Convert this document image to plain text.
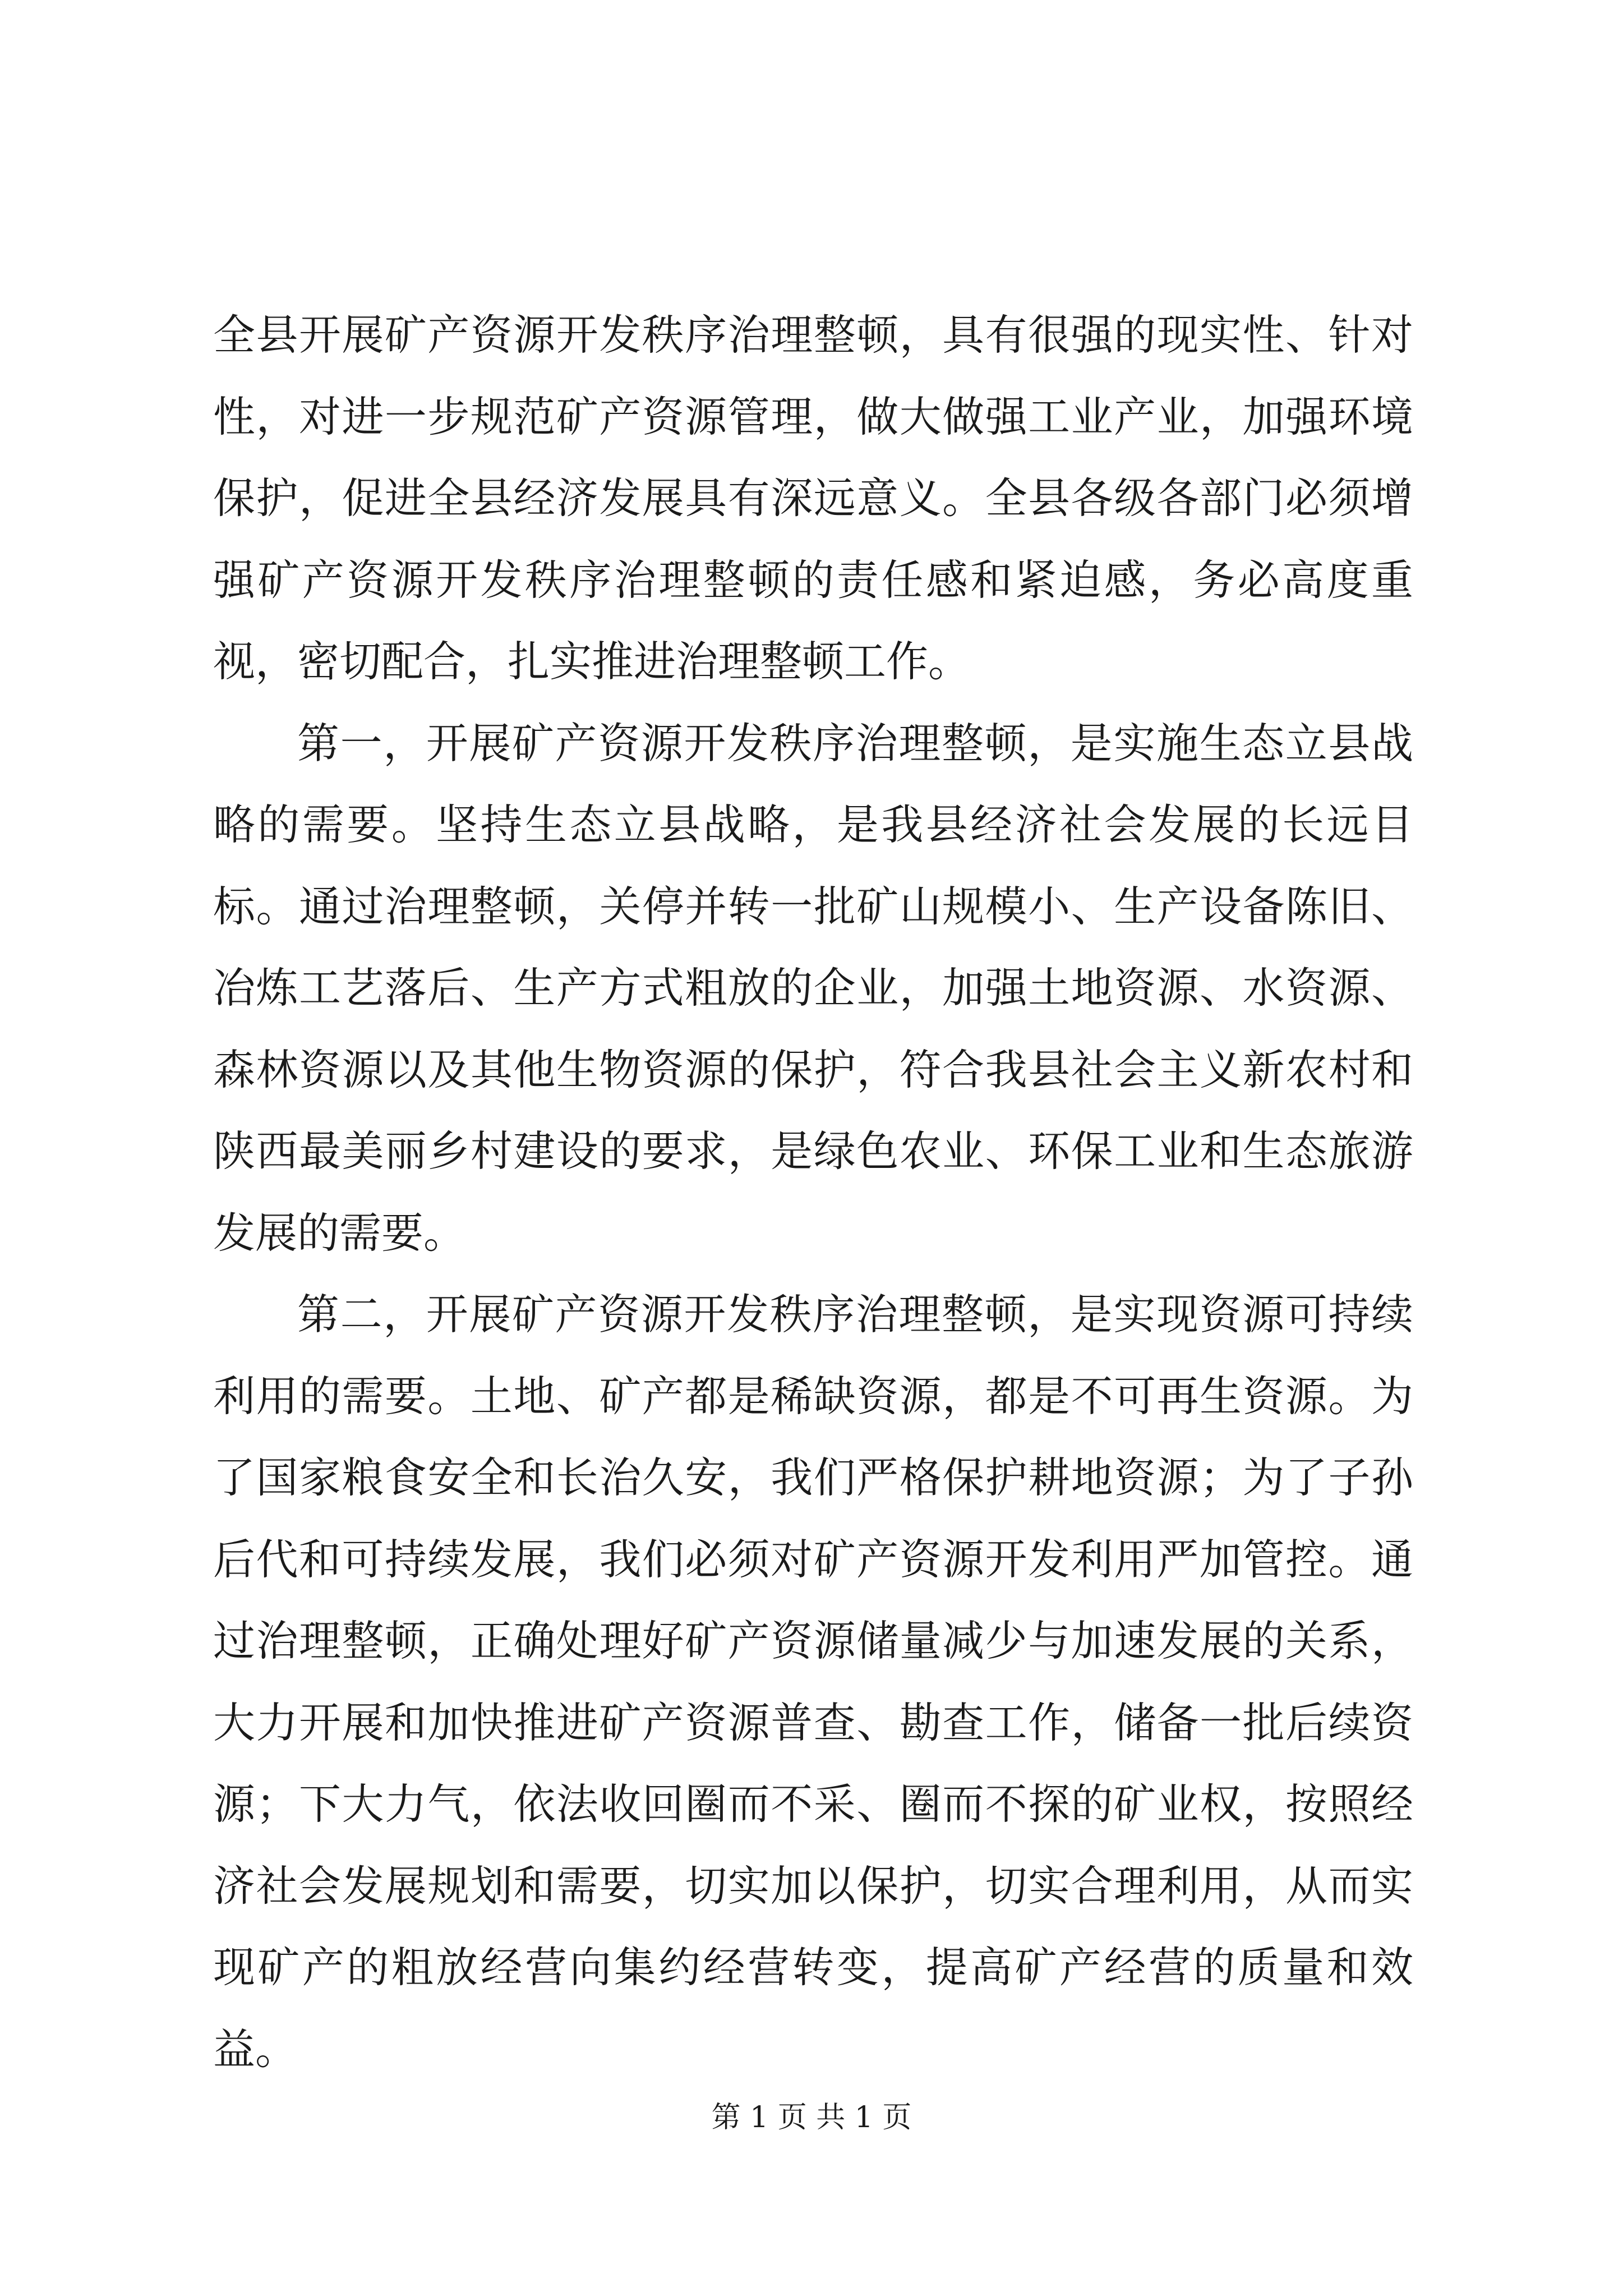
全县开展矿产资源开发秩序治理整顿，具有很强的现实性、针对性，对进一步规范矿产资源管理，做大做强工业产业，加强环境保护，促进全县经济发展具有深远意义。全县各级各部门必须增强矿产资源开发秩序治理整顿的责任感和紧迫感，务必高度重视，密切配合，扎实推进治理整顿工作。

第一，开展矿产资源开发秩序治理整顿，是实施生态立县战略的需要。坚持生态立县战略，是我县经济社会发展的长远目标。通过治理整顿，关停并转一批矿山规模小、生产设备陈旧、冶炼工艺落后、生产方式粗放的企业，加强土地资源、水资源、森林资源以及其他生物资源的保护，符合我县社会主义新农村和陕西最美丽乡村建设的要求，是绿色农业、环保工业和生态旅游发展的需要。

第二，开展矿产资源开发秩序治理整顿，是实现资源可持续利用的需要。土地、矿产都是稀缺资源，都是不可再生资源。为了国家粮食安全和长治久安，我们严格保护耕地资源；为了子孙后代和可持续发展，我们必须对矿产资源开发利用严加管控。通过治理整顿，正确处理好矿产资源储量减少与加速发展的关系，大力开展和加快推进矿产资源普查、勘查工作，储备一批后续资源；下大力气，依法收回圈而不采、圈而不探的矿业权，按照经济社会发展规划和需要，切实加以保护，切实合理利用，从而实现矿产的粗放经营向集约经营转变，提高矿产经营的质量和效益。

第 1 页 共 1 页
